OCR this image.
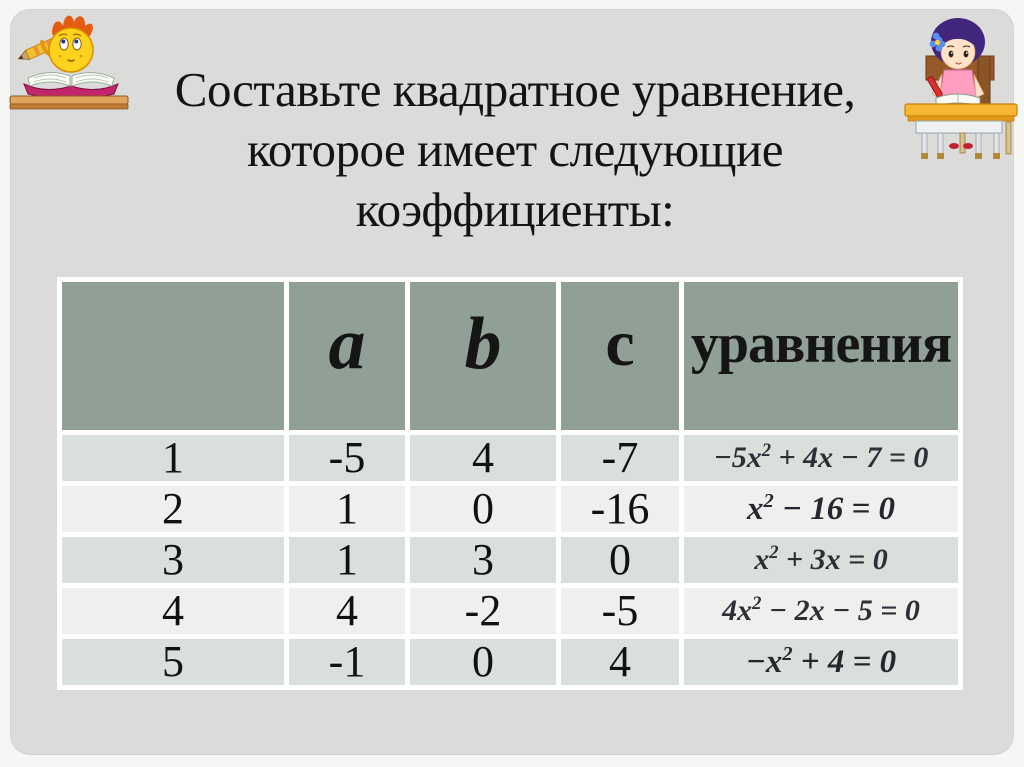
Составьте квадратное уравнение,
которое имеет следующие
коэффициенты:
	a	b	с	уравнения
1	-5	4	-7	$-5x^2 + 4x - 7 = 0$
2	1	0	-16	$x^2 - 16 = 0$
3	1	3	0	$x^2 + 3x = 0$
4	4	-2	-5	$4x^2 - 2x - 5 = 0$
5	-1	0	4	$-x^2 + 4 = 0$
